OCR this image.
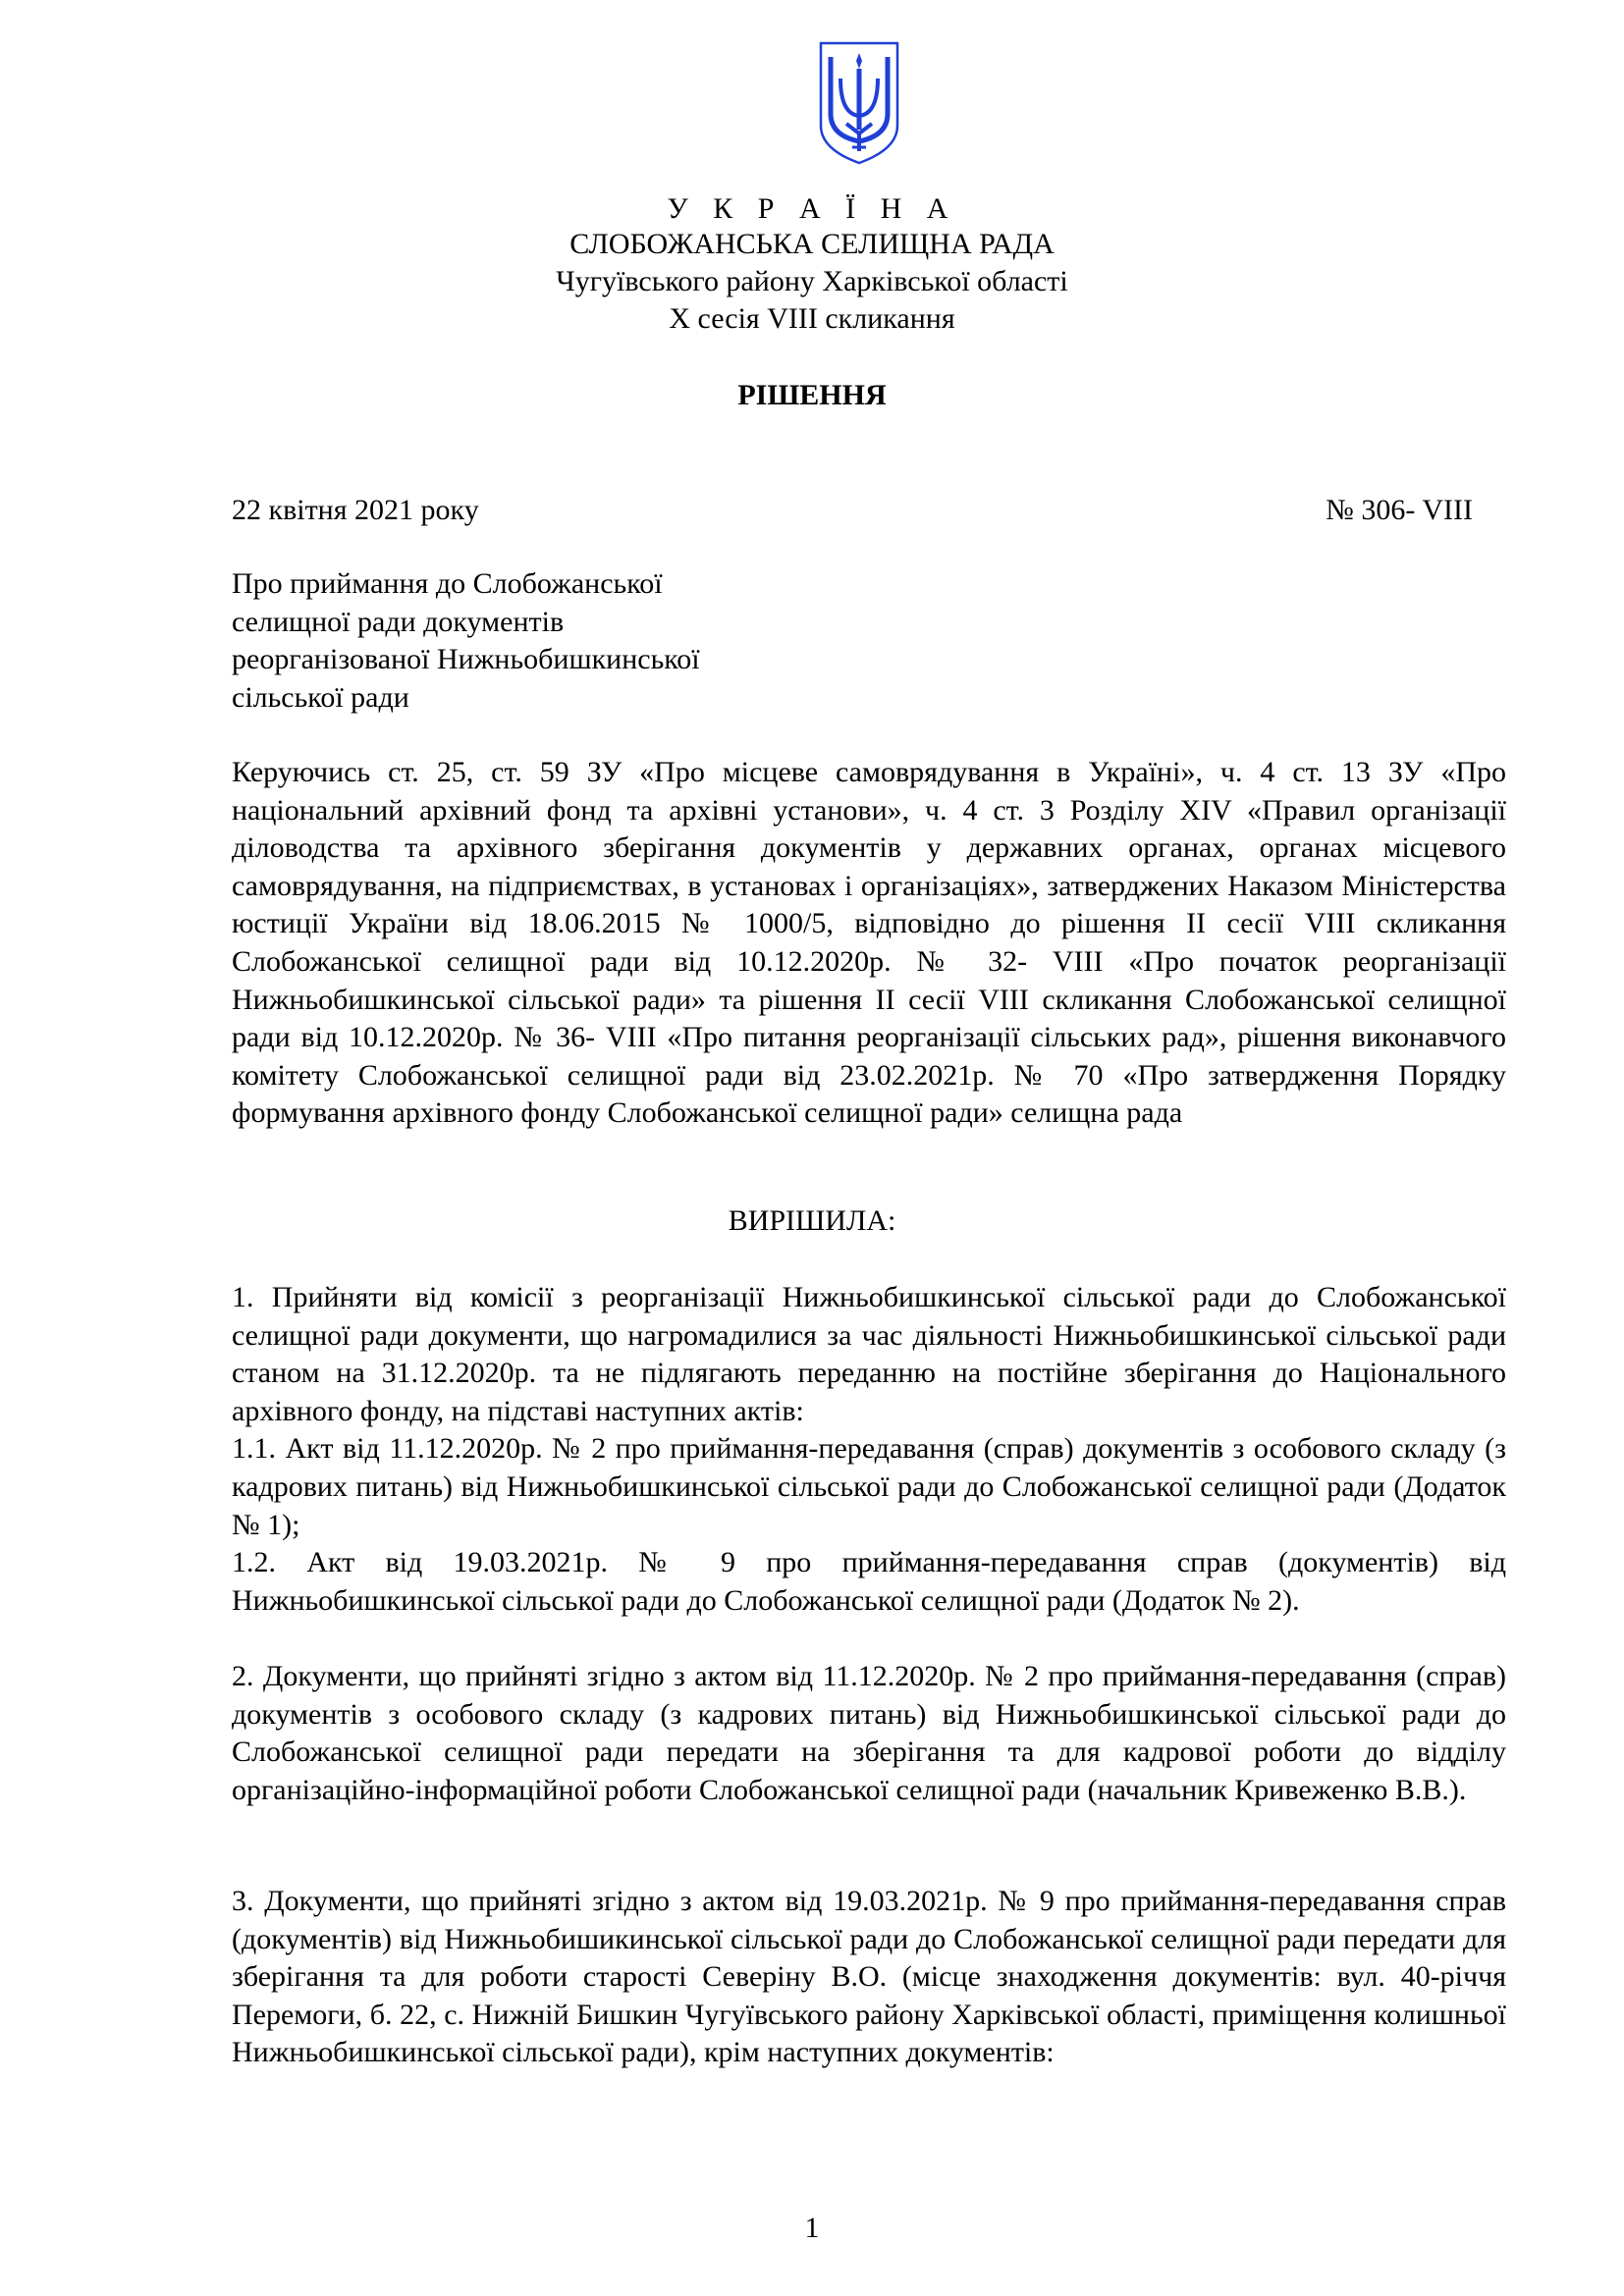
У К Р А Ї Н А
СЛОБОЖАНСЬКА СЕЛИЩНА РАДА
Чугуївського району Харківської області
X сесія VIII скликання
РІШЕННЯ
22 квітня 2021 року	№ 306- VIII
Про приймання до Слобожанської
селищної ради документів
реорганізованої Нижньобишкинської
сільської ради
Керуючись ст. 25, ст. 59 ЗУ «Про місцеве самоврядування в Україні», ч. 4 ст. 13 ЗУ «Про національний архівний фонд та архівні установи», ч. 4 ст. 3 Розділу XIV «Правил організації діловодства та архівного зберігання документів у державних органах, органах місцевого самоврядування, на підприємствах, в установах і організаціях», затверджених Наказом Міністерства юстиції України від 18.06.2015 № 1000/5, відповідно до рішення II сесії VIII скликання Слобожанської селищної ради від 10.12.2020р. № 32- VIII «Про початок реорганізації Нижньобишкинської сільської ради» та рішення II сесії VIII скликання Слобожанської селищної ради від 10.12.2020р. № 36- VIII «Про питання реорганізації сільських рад», рішення виконавчого комітету Слобожанської селищної ради від 23.02.2021р. № 70 «Про затвердження Порядку формування архівного фонду Слобожанської селищної ради» селищна рада
ВИРІШИЛА:

1. Прийняти від комісії з реорганізації Нижньобишкинської сільської ради до Слобожанської селищної ради документи, що нагромадилися за час діяльності Нижньобишкинської сільської ради станом на 31.12.2020р. та не підлягають переданню на постійне зберігання до Національного архівного фонду, на підставі наступних актів:

1.1. Акт від 11.12.2020р. № 2 про приймання-передавання (справ) документів з особового складу (з кадрових питань) від Нижньобишкинської сільської ради до Слобожанської селищної ради (Додаток № 1);

1.2. Акт від 19.03.2021р. № 9 про приймання-передавання справ (документів) від Нижньобишкинської сільської ради до Слобожанської селищної ради (Додаток № 2).

2. Документи, що прийняті згідно з актом від 11.12.2020р. № 2 про приймання-передавання (справ) документів з особового складу (з кадрових питань) від Нижньобишкинської сільської ради до Слобожанської селищної ради передати на зберігання та для кадрової роботи до відділу організаційно-інформаційної роботи Слобожанської селищної ради (начальник Кривеженко В.В.).
3. Документи, що прийняті згідно з актом від 19.03.2021р. № 9 про приймання-передавання справ (документів) від Нижньобишикинської сільської ради до Слобожанської селищної ради передати для зберігання та для роботи старості Северіну В.О. (місце знаходження документів: вул. 40-річчя Перемоги, б. 22, с. Нижній Бишкин Чугуївського району Харківської області, приміщення колишньої Нижньобишкинської сільської ради), крім наступних документів:
1
